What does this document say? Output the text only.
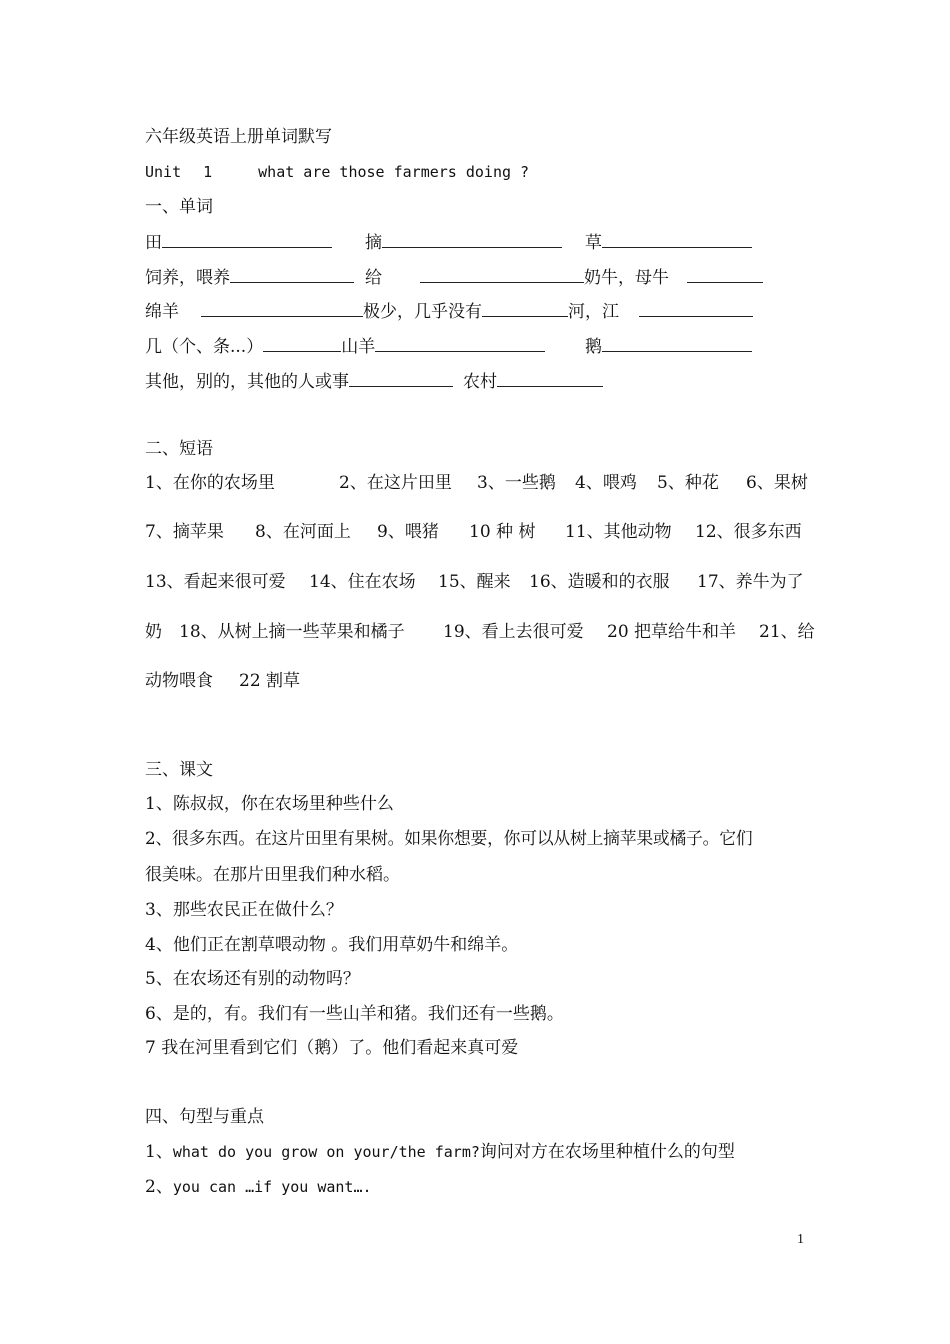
六年级英语上册单词默写
Unit 1	what are those farmers doing ?
一、单词
田	摘	草
饲养，喂养	给	奶牛，母牛
绵羊	极少，几乎没有	河，江
几（个、条...）	山羊	鹅
其他，别的，其他的人或事	农村
二、短语
1、在你的农场里	2、在这片田里 3、一些鹅 4、喂鸡 5、种花 6、果树
7、摘苹果 8、在河面上 9、喂猪 10 种 树 11、其他动物 12、很多东西
13、看起来很可爱 14、住在农场 15、醒来 16、造暖和的衣服 17、养牛为了
奶 18、从树上摘一些苹果和橘子 19、看上去很可爱 20 把草给牛和羊 21、给
动物喂食 22 割草
三、课文
1、陈叔叔，你在农场里种些什么
2、很多东西。在这片田里有果树。如果你想要，你可以从树上摘苹果或橘子。它们
很美味。在那片田里我们种水稻。
3、那些农民正在做什么？
4、他们正在割草喂动物 。我们用草奶牛和绵羊。
5、在农场还有别的动物吗？
6、是的，有。我们有一些山羊和猪。我们还有一些鹅。
7 我在河里看到它们（鹅）了。他们看起来真可爱
四、句型与重点
1、what do you grow on your/the farm?询问对方在农场里种植什么的句型
2、you can …if you want….
1
